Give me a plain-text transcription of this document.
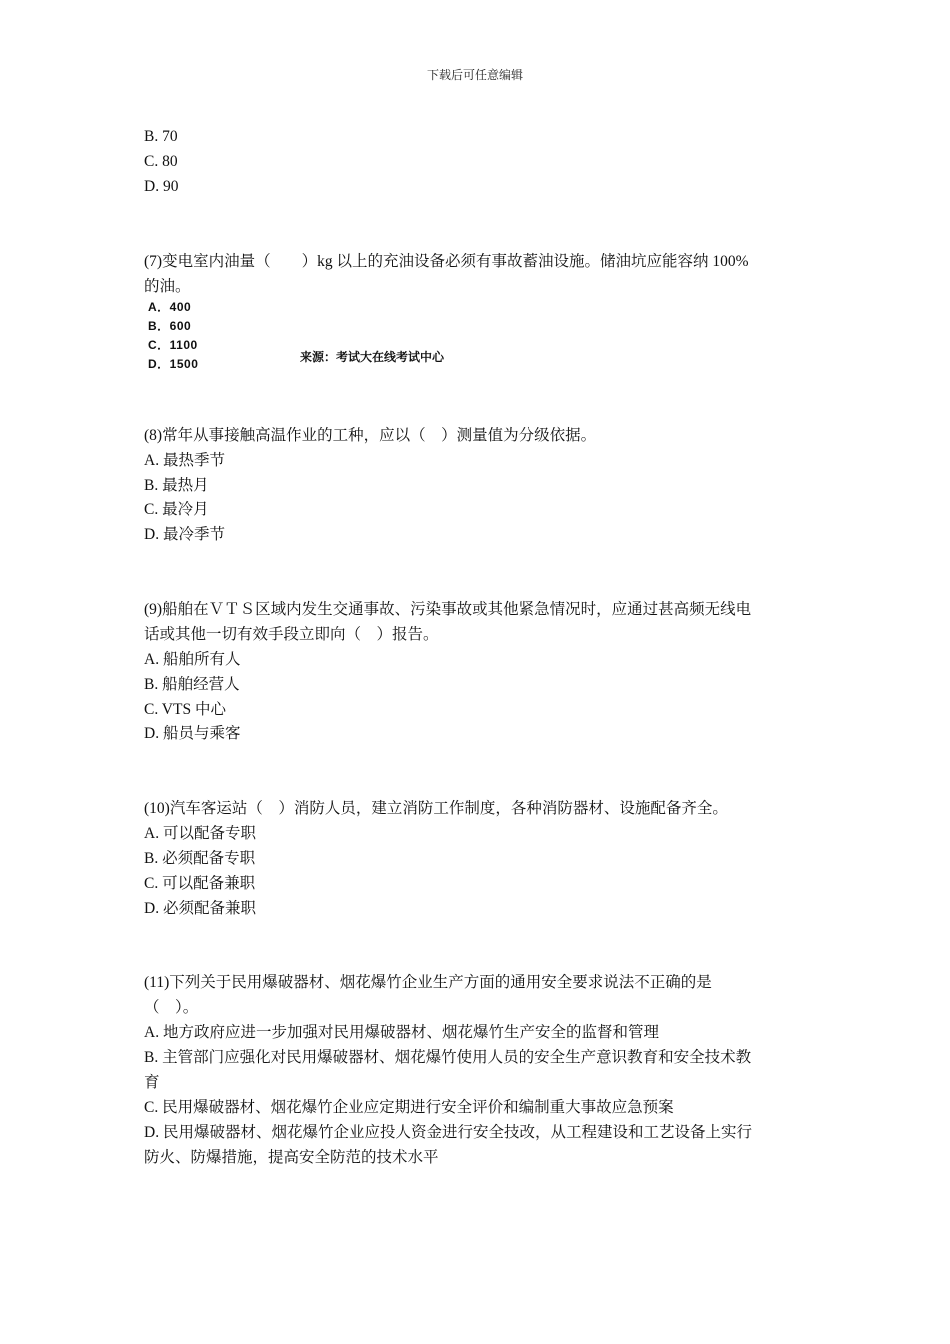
下载后可任意编辑
B. 70
C. 80
D. 90
(7)变电室内油量（　　）kg 以上的充油设备必须有事故蓄油设施。储油坑应能容纳 100%
的油。
A．400
B．600
C．1100
D．1500	来源：考试大在线考试中心
(8)常年从事接触高温作业的工种，应以（　）测量值为分级依据。
A. 最热季节
B. 最热月
C. 最冷月
D. 最冷季节
(9)船舶在ＶＴＳ区域内发生交通事故、污染事故或其他紧急情况时，应通过甚高频无线电
话或其他一切有效手段立即向（　）报告。
A. 船舶所有人
B. 船舶经营人
C. VTS 中心
D. 船员与乘客
(10)汽车客运站（　）消防人员，建立消防工作制度，各种消防器材、设施配备齐全。
A. 可以配备专职
B. 必须配备专职
C. 可以配备兼职
D. 必须配备兼职
(11)下列关于民用爆破器材、烟花爆竹企业生产方面的通用安全要求说法不正确的是
（　）。
A. 地方政府应进一步加强对民用爆破器材、烟花爆竹生产安全的监督和管理
B. 主管部门应强化对民用爆破器材、烟花爆竹使用人员的安全生产意识教育和安全技术教
育
C. 民用爆破器材、烟花爆竹企业应定期进行安全评价和编制重大事故应急预案
D. 民用爆破器材、烟花爆竹企业应投人资金进行安全技改，从工程建设和工艺设备上实行
防火、防爆措施，提高安全防范的技术水平
